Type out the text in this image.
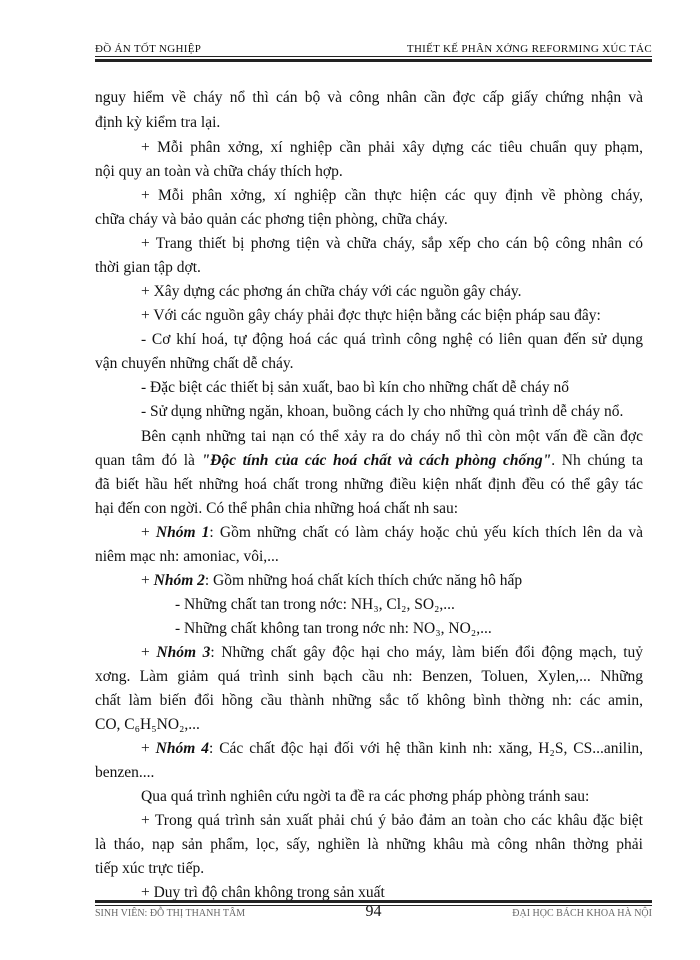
ĐỒ ÁN TỐT NGHIỆP	THIẾT KẾ PHÂN XỞNG REFORMING XÚC TÁC
nguy hiểm về cháy nổ thì cán bộ và công nhân cần đợc cấp giấy chứng nhận và
định kỳ kiểm tra lại.
+ Mỗi phân xởng, xí nghiệp cần phải xây dựng các tiêu chuẩn quy phạm,
nội quy an toàn và chữa cháy thích hợp.
+ Mỗi phân xởng, xí nghiệp cần thực hiện các quy định về phòng cháy,
chữa cháy và bảo quản các phơng tiện phòng, chữa cháy.
+ Trang thiết bị phơng tiện và chữa cháy, sắp xếp cho cán bộ công nhân có
thời gian tập dợt.
+ Xây dựng các phơng án chữa cháy với các nguồn gây cháy.
+ Với các nguồn gây cháy phải đợc thực hiện bằng các biện pháp sau đây:
- Cơ khí hoá, tự động hoá các quá trình công nghệ có liên quan đến sử dụng
vận chuyển những chất dễ cháy.
- Đặc biệt các thiết bị sản xuất, bao bì kín cho những chất dễ cháy nổ
- Sử dụng những ngăn, khoan, buồng cách ly cho những quá trình dễ cháy nổ.
Bên cạnh những tai nạn có thể xảy ra do cháy nổ thì còn một vấn đề cần đợc
quan tâm đó là "Độc tính của các hoá chất và cách phòng chống". Nh chúng ta
đã biết hầu hết những hoá chất trong những điều kiện nhất định đều có thể gây tác
hại đến con ngời. Có thể phân chia những hoá chất nh sau:
+ Nhóm 1: Gồm những chất có làm cháy hoặc chủ yếu kích thích lên da và
niêm mạc nh: amoniac, vôi,...
+ Nhóm 2: Gồm những hoá chất kích thích chức năng hô hấp
- Những chất tan trong nớc: NH₃, Cl₂, SO₂,...
- Những chất không tan trong nớc nh: NO₃, NO₂,...
+ Nhóm 3: Những chất gây độc hại cho máy, làm biến đổi động mạch, tuỷ
xơng. Làm giảm quá trình sinh bạch cầu nh: Benzen, Toluen, Xylen,... Những
chất làm biến đổi hồng cầu thành những sắc tố không bình thờng nh: các amin,
CO, C₆H₅NO₂,...
+ Nhóm 4: Các chất độc hại đối với hệ thần kinh nh: xăng, H₂S, CS...anilin,
benzen....
Qua quá trình nghiên cứu ngời ta đề ra các phơng pháp phòng tránh sau:
+ Trong quá trình sản xuất phải chú ý bảo đảm an toàn cho các khâu đặc biệt
là tháo, nạp sản phẩm, lọc, sấy, nghiền là những khâu mà công nhân thờng phải
tiếp xúc trực tiếp.
+ Duy trì độ chân không trong sản xuất
SINH VIÊN: ĐỖ THỊ THANH TÂM	94	ĐẠI HỌC BÁCH KHOA HÀ NỘI
